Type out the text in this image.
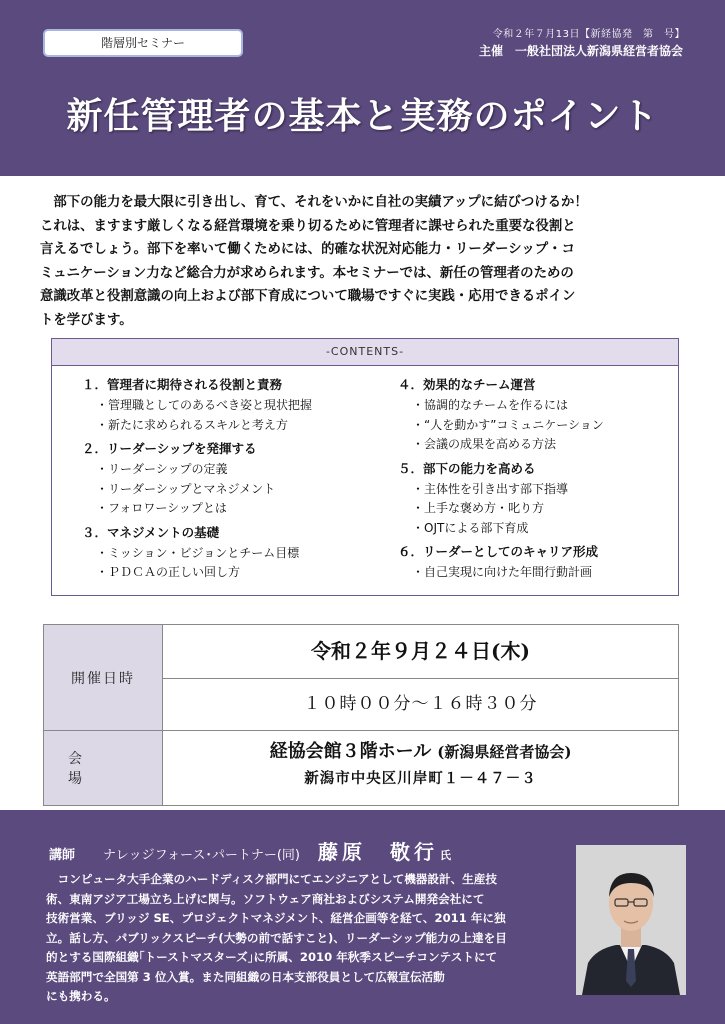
階層別セミナー
令和２年７月13日【新経協発　第　号】
主催　一般社団法人新潟県経営者協会
新任管理者の基本と実務のポイント
　部下の能力を最大限に引き出し、育て、それをいかに自社の実績アップに結びつけるか！
これは、ますます厳しくなる経営環境を乗り切るために管理者に課せられた重要な役割と
言えるでしょう。部下を率いて働くためには、的確な状況対応能力・リーダーシップ・コ
ミュニケーション力など総合力が求められます。本セミナーでは、新任の管理者のための
意識改革と役割意識の向上および部下育成について職場ですぐに実践・応用できるポイン
トを学びます。
-CONTENTS-
１．管理者に期待される役割と責務
・管理職としてのあるべき姿と現状把握
・新たに求められるスキルと考え方
２．リーダーシップを発揮する
・リーダーシップの定義
・リーダーシップとマネジメント
・フォロワーシップとは
３．マネジメントの基礎
・ミッション・ビジョンとチーム目標
・ＰＤＣＡの正しい回し方
４．効果的なチーム運営
・協調的なチームを作るには
・“人を動かす”コミュニケーション
・会議の成果を高める方法
５．部下の能力を高める
・主体性を引き出す部下指導
・上手な褒め方・叱り方
・OJTによる部下育成
６．リーダーとしてのキャリア形成
・自己実現に向けた年間行動計画
開催日時
会　場
令和２年９月２４日(木)
１０時００分～１６時３０分
経協会館３階ホール (新潟県経営者協会)
新潟市中央区川岸町１－４７－３
講師 ナレッジフォース･パートナー(同) 藤原　敬行 氏
　コンピュータ大手企業のハードディスク部門にてエンジニアとして機器設計、生産技
術、東南アジア工場立ち上げに関与。ソフトウェア商社およびシステム開発会社にて
技術営業、ブリッジ SE、プロジェクトマネジメント、経営企画等を経て、2011 年に独
立。話し方、パブリックスピーチ(大勢の前で話すこと)、リーダーシップ能力の上達を目
的とする国際組織｢トーストマスターズ｣に所属、2010 年秋季スピーチコンテストにて
英語部門で全国第 3 位入賞。また同組織の日本支部役員として広報宣伝活動
にも携わる。
